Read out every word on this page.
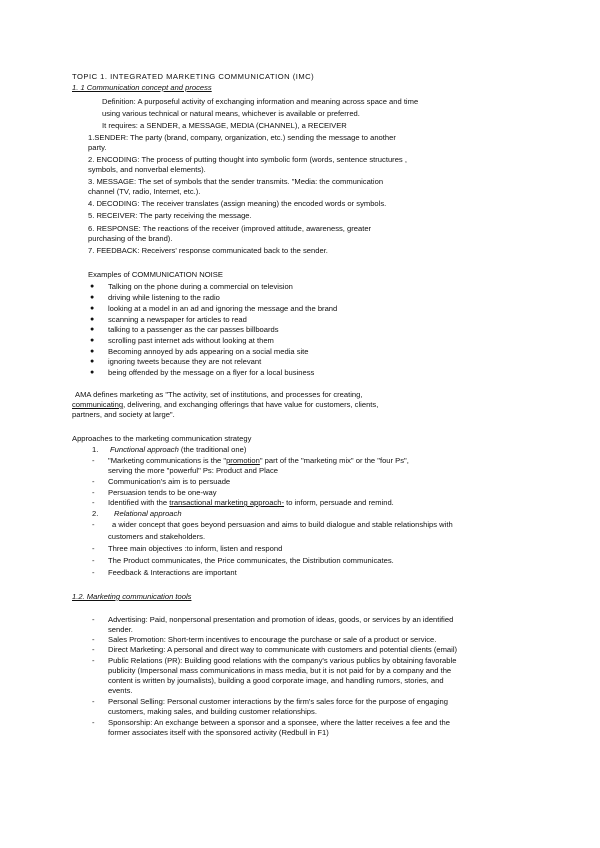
TOPIC 1. INTEGRATED MARKETING COMMUNICATION (IMC)

1. 1 Communication concept and process

Definition: A purposeful activity of exchanging information and meaning across space and time

using various technical or natural means, whichever is available or preferred.

It requires: a SENDER, a MESSAGE, MEDIA (CHANNEL), a RECEIVER

1.SENDER: The party (brand, company, organization, etc.) sending the message to another

party.

2. ENCODING: The process of putting thought into symbolic form (words, sentence structures ,

symbols, and nonverbal elements).

3. MESSAGE: The set of symbols that the sender transmits. "Media: the communication

channel (TV, radio, Internet, etc.).

4. DECODING: The receiver translates (assign meaning) the encoded words or symbols.

5. RECEIVER: The party receiving the message.

6. RESPONSE: The reactions of the receiver (improved attitude, awareness, greater

purchasing of the brand).

7. FEEDBACK: Receivers' response communicated back to the sender.

Examples of COMMUNICATION NOISE

● Talking on the phone during a commercial on television

● driving while listening to the radio

● looking at a model in an ad and ignoring the message and the brand

● scanning a newspaper for articles to read

● talking to a passenger as the car passes billboards

● scrolling past internet ads without looking at them

● Becoming annoyed by ads appearing on a social media site

● ignoring tweets because they are not relevant

● being offended by the message on a flyer for a local business

AMA defines marketing as "The activity, set of institutions, and processes for creating,

communicating, delivering, and exchanging offerings that have value for customers, clients,

partners, and society at large".

Approaches to the marketing communication strategy

1. Functional approach (the traditional one)

- "Marketing communications is the "promotion" part of the "marketing mix" or the "four Ps",

serving the more "powerful" Ps: Product and Place

- Communication's aim is to persuade

- Persuasion tends to be one-way

- Identified with the transactional marketing approach- to inform, persuade and remind.

2. Relational approach

- a wider concept that goes beyond persuasion and aims to build dialogue and stable relationships with

customers and stakeholders.

- Three main objectives :to inform, listen and respond

- The Product communicates, the Price communicates, the Distribution communicates.

- Feedback & Interactions are important

1.2. Marketing communication tools

- Advertising: Paid, nonpersonal presentation and promotion of ideas, goods, or services by an identified

sender.

- Sales Promotion: Short-term incentives to encourage the purchase or sale of a product or service.

- Direct Marketing: A personal and direct way to communicate with customers and potential clients (email)

- Public Relations (PR): Building good relations with the company's various publics by obtaining favorable

publicity (Impersonal mass communications in mass media, but it is not paid for by a company and the

content is written by journalists), building a good corporate image, and handling rumors, stories, and

events.

- Personal Selling: Personal customer interactions by the firm's sales force for the purpose of engaging

customers, making sales, and building customer relationships.

- Sponsorship: An exchange between a sponsor and a sponsee, where the latter receives a fee and the

former associates itself with the sponsored activity (Redbull in F1)
